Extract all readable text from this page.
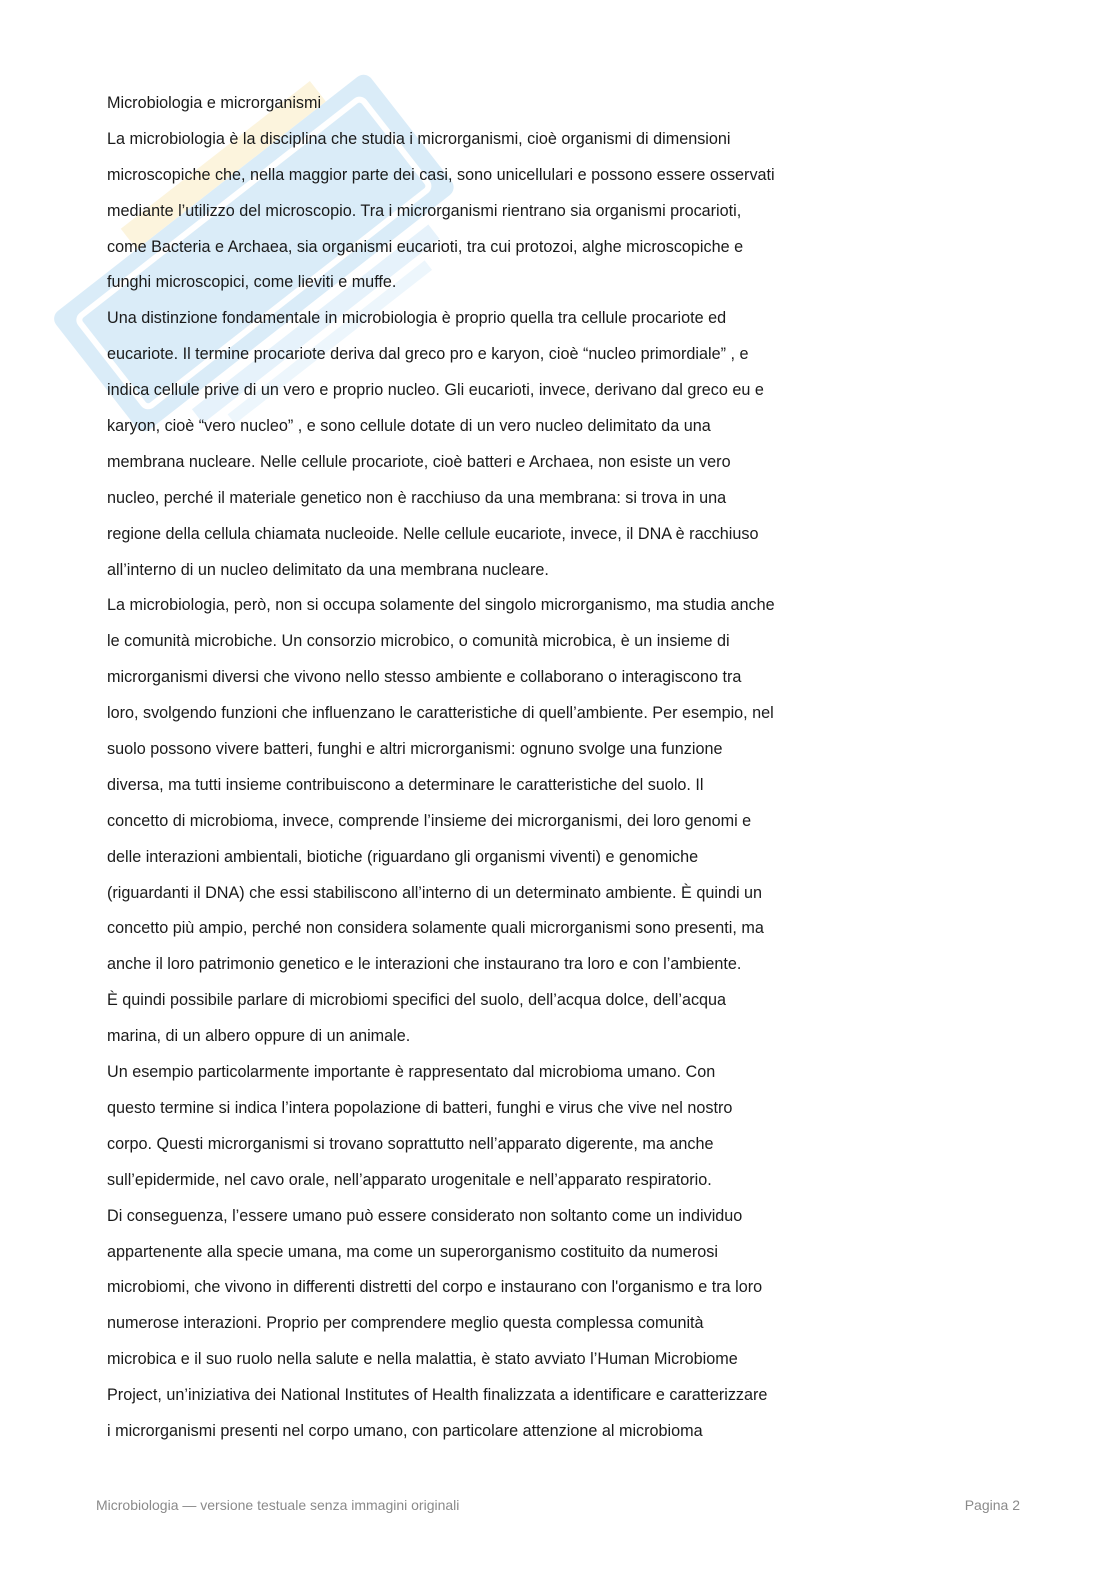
Microbiologia e microrganismi
La microbiologia è la disciplina che studia i microrganismi, cioè organismi di dimensioni
microscopiche che, nella maggior parte dei casi, sono unicellulari e possono essere osservati
mediante l’utilizzo del microscopio. Tra i microrganismi rientrano sia organismi procarioti,
come Bacteria e Archaea, sia organismi eucarioti, tra cui protozoi, alghe microscopiche e
funghi microscopici, come lieviti e muffe.
Una distinzione fondamentale in microbiologia è proprio quella tra cellule procariote ed
eucariote. Il termine procariote deriva dal greco pro e karyon, cioè “nucleo primordiale” , e
indica cellule prive di un vero e proprio nucleo. Gli eucarioti, invece, derivano dal greco eu e
karyon, cioè “vero nucleo” , e sono cellule dotate di un vero nucleo delimitato da una
membrana nucleare. Nelle cellule procariote, cioè batteri e Archaea, non esiste un vero
nucleo, perché il materiale genetico non è racchiuso da una membrana: si trova in una
regione della cellula chiamata nucleoide. Nelle cellule eucariote, invece, il DNA è racchiuso
all’interno di un nucleo delimitato da una membrana nucleare.
La microbiologia, però, non si occupa solamente del singolo microrganismo, ma studia anche
le comunità microbiche. Un consorzio microbico, o comunità microbica, è un insieme di
microrganismi diversi che vivono nello stesso ambiente e collaborano o interagiscono tra
loro, svolgendo funzioni che influenzano le caratteristiche di quell’ambiente. Per esempio, nel
suolo possono vivere batteri, funghi e altri microrganismi: ognuno svolge una funzione
diversa, ma tutti insieme contribuiscono a determinare le caratteristiche del suolo. Il
concetto di microbioma, invece, comprende l’insieme dei microrganismi, dei loro genomi e
delle interazioni ambientali, biotiche (riguardano gli organismi viventi) e genomiche
(riguardanti il DNA) che essi stabiliscono all’interno di un determinato ambiente. È quindi un
concetto più ampio, perché non considera solamente quali microrganismi sono presenti, ma
anche il loro patrimonio genetico e le interazioni che instaurano tra loro e con l’ambiente.
È quindi possibile parlare di microbiomi specifici del suolo, dell’acqua dolce, dell’acqua
marina, di un albero oppure di un animale.
Un esempio particolarmente importante è rappresentato dal microbioma umano. Con
questo termine si indica l’intera popolazione di batteri, funghi e virus che vive nel nostro
corpo. Questi microrganismi si trovano soprattutto nell’apparato digerente, ma anche
sull’epidermide, nel cavo orale, nell’apparato urogenitale e nell’apparato respiratorio.
Di conseguenza, l’essere umano può essere considerato non soltanto come un individuo
appartenente alla specie umana, ma come un superorganismo costituito da numerosi
microbiomi, che vivono in differenti distretti del corpo e instaurano con l'organismo e tra loro
numerose interazioni. Proprio per comprendere meglio questa complessa comunità
microbica e il suo ruolo nella salute e nella malattia, è stato avviato l’Human Microbiome
Project, un’iniziativa dei National Institutes of Health finalizzata a identificare e caratterizzare
i microrganismi presenti nel corpo umano, con particolare attenzione al microbioma
Microbiologia — versione testuale senza immagini originali	Pagina 2
